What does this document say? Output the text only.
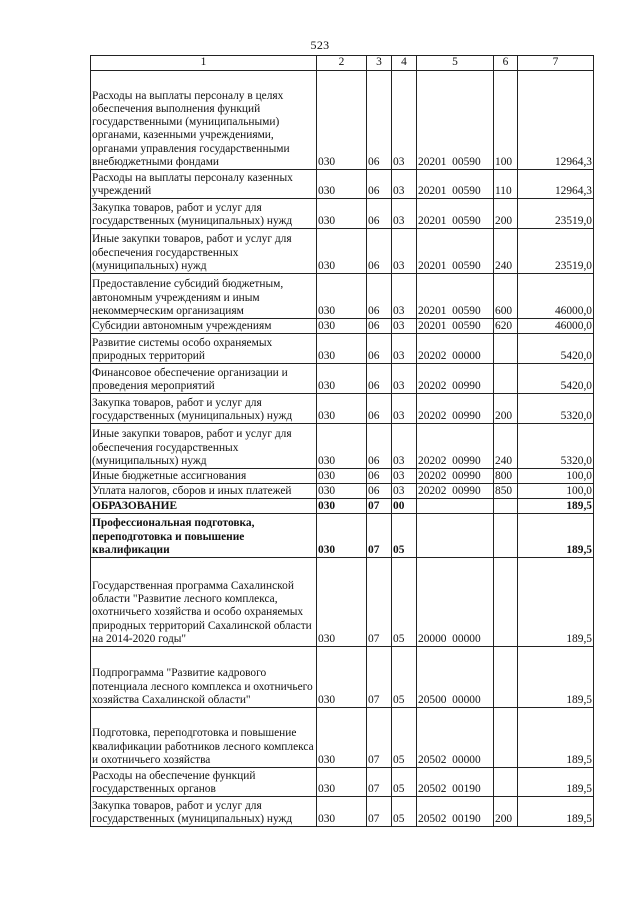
523
1	2	3	4	5	6	7
Расходы на выплаты персоналу в целях обеспечения выполнения функций государственными (муниципальными) органами, казенными учреждениями, органами управления государственными внебюджетными фондами	030	06	03	20201  00590	100	12964,3
Расходы на выплаты персоналу казенных учреждений	030	06	03	20201  00590	110	12964,3
Закупка товаров, работ и услуг для государственных (муниципальных) нужд	030	06	03	20201  00590	200	23519,0
Иные закупки товаров, работ и услуг для обеспечения государственных (муниципальных) нужд	030	06	03	20201  00590	240	23519,0
Предоставление субсидий бюджетным, автономным учреждениям и иным некоммерческим организациям	030	06	03	20201  00590	600	46000,0
Субсидии автономным учреждениям	030	06	03	20201  00590	620	46000,0
Развитие системы особо охраняемых природных территорий	030	06	03	20202  00000		5420,0
Финансовое обеспечение организации и проведения мероприятий	030	06	03	20202  00990		5420,0
Закупка товаров, работ и услуг для государственных (муниципальных) нужд	030	06	03	20202  00990	200	5320,0
Иные закупки товаров, работ и услуг для обеспечения государственных (муниципальных) нужд	030	06	03	20202  00990	240	5320,0
Иные бюджетные ассигнования	030	06	03	20202  00990	800	100,0
Уплата налогов, сборов и иных платежей	030	06	03	20202  00990	850	100,0
ОБРАЗОВАНИЕ	030	07	00			189,5
Профессиональная подготовка, переподготовка и повышение квалификации	030	07	05			189,5
Государственная программа Сахалинской области "Развитие лесного комплекса, охотничьего хозяйства и особо охраняемых природных территорий Сахалинской области на 2014-2020 годы"	030	07	05	20000  00000		189,5
Подпрограмма "Развитие кадрового потенциала лесного комплекса и охотничьего хозяйства Сахалинской области"	030	07	05	20500  00000		189,5
Подготовка, переподготовка и повышение квалификации работников лесного комплекса и охотничьего хозяйства	030	07	05	20502  00000		189,5
Расходы на обеспечение функций государственных органов	030	07	05	20502  00190		189,5
Закупка товаров, работ и услуг для государственных (муниципальных) нужд	030	07	05	20502  00190	200	189,5
